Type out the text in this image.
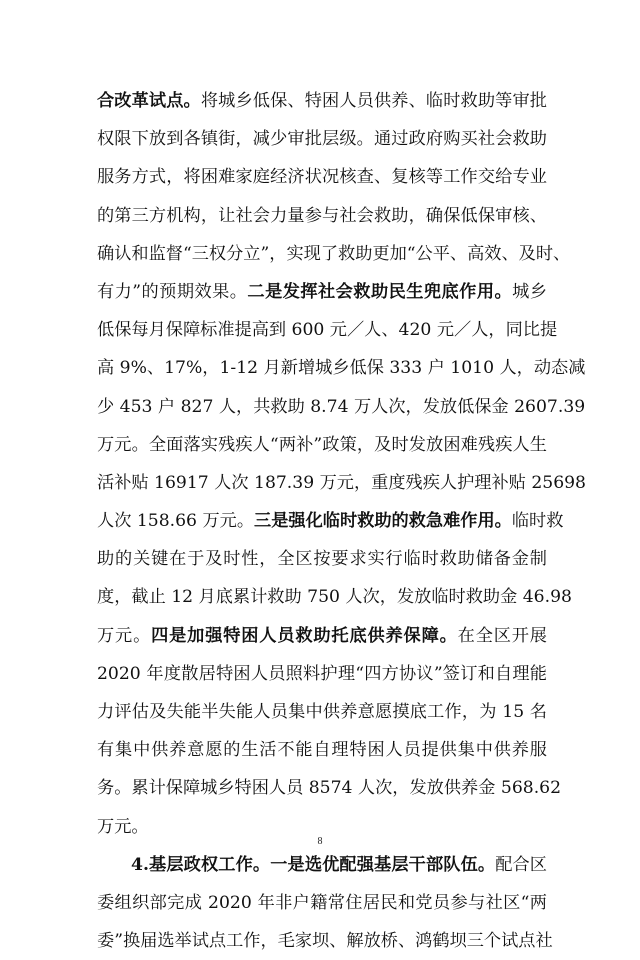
合改革试点。将城乡低保、特困人员供养、临时救助等审批
权限下放到各镇街，减少审批层级。通过政府购买社会救助
服务方式，将困难家庭经济状况核查、复核等工作交给专业
的第三方机构，让社会力量参与社会救助，确保低保审核、
确认和监督“三权分立”，实现了救助更加“公平、高效、及时、
有力”的预期效果。二是发挥社会救助民生兜底作用。城乡
低保每月保障标准提高到 600 元／人、420 元／人，同比提
高 9%、17%，1-12 月新增城乡低保 333 户 1010 人，动态减
少 453 户 827 人，共救助 8.74 万人次，发放低保金 2607.39
万元。全面落实残疾人“两补”政策，及时发放困难残疾人生
活补贴 16917 人次 187.39 万元，重度残疾人护理补贴 25698
人次 158.66 万元。三是强化临时救助的救急难作用。临时救
助的关键在于及时性，全区按要求实行临时救助储备金制
度，截止 12 月底累计救助 750 人次，发放临时救助金 46.98
万元。四是加强特困人员救助托底供养保障。在全区开展
2020 年度散居特困人员照料护理“四方协议”签订和自理能
力评估及失能半失能人员集中供养意愿摸底工作，为 15 名
有集中供养意愿的生活不能自理特困人员提供集中供养服
务。累计保障城乡特困人员 8574 人次，发放供养金 568.62
万元。
4.基层政权工作。一是选优配强基层干部队伍。配合区
委组织部完成 2020 年非户籍常住居民和党员参与社区“两
委”换届选举试点工作，毛家坝、解放桥、鸿鹤坝三个试点社
8
